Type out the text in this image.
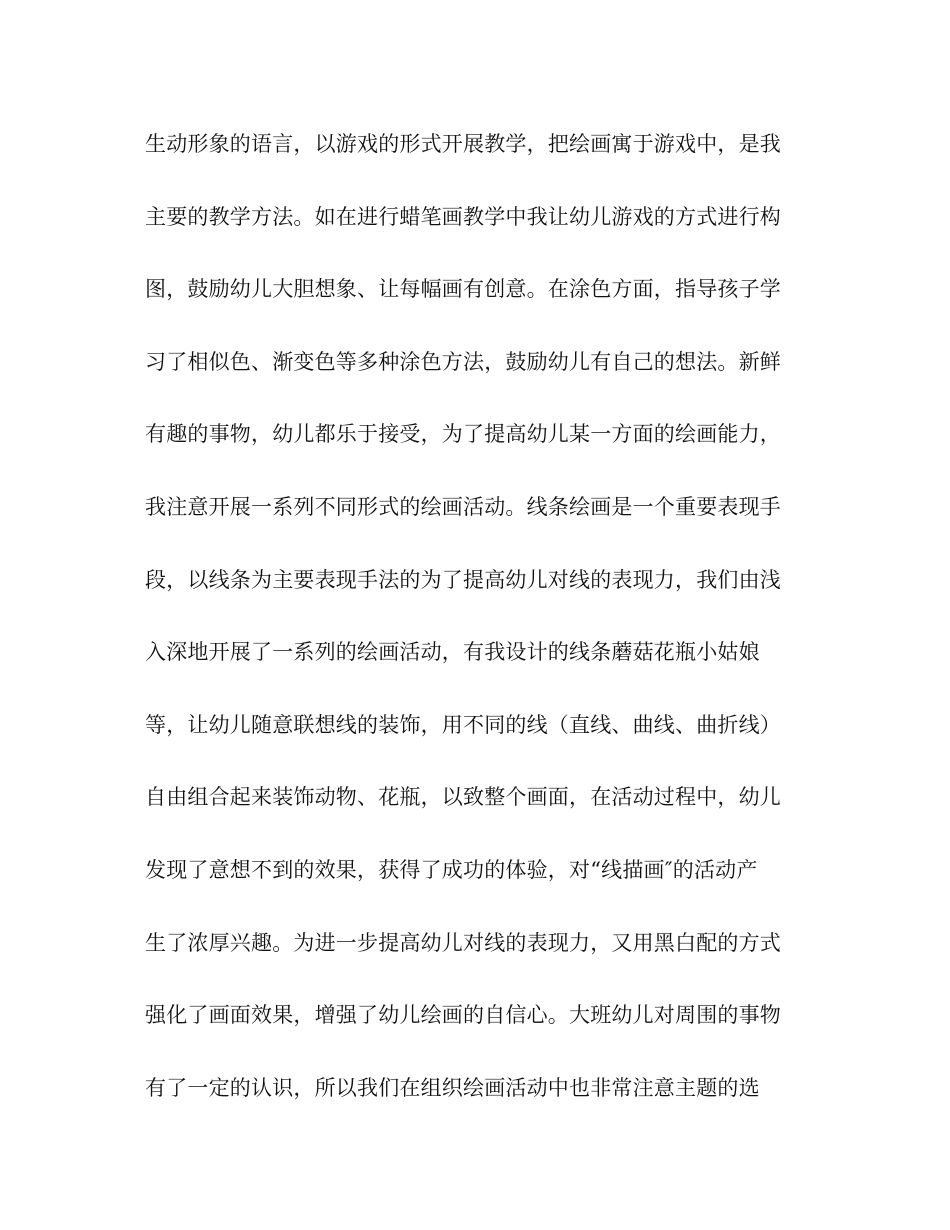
生动形象的语言，以游戏的形式开展教学，把绘画寓于游戏中，是我
主要的教学方法。如在进行蜡笔画教学中我让幼儿游戏的方式进行构
图，鼓励幼儿大胆想象、让每幅画有创意。在涂色方面，指导孩子学
习了相似色、渐变色等多种涂色方法，鼓励幼儿有自己的想法。新鲜
有趣的事物，幼儿都乐于接受，为了提高幼儿某一方面的绘画能力，
我注意开展一系列不同形式的绘画活动。线条绘画是一个重要表现手
段，以线条为主要表现手法的为了提高幼儿对线的表现力，我们由浅
入深地开展了一系列的绘画活动，有我设计的线条蘑菇花瓶小姑娘
等，让幼儿随意联想线的装饰，用不同的线（直线、曲线、曲折线）
自由组合起来装饰动物、花瓶，以致整个画面，在活动过程中，幼儿
发现了意想不到的效果，获得了成功的体验，对“线描画″的活动产
生了浓厚兴趣。为进一步提高幼儿对线的表现力，又用黑白配的方式
强化了画面效果，增强了幼儿绘画的自信心。大班幼儿对周围的事物
有了一定的认识，所以我们在组织绘画活动中也非常注意主题的选
